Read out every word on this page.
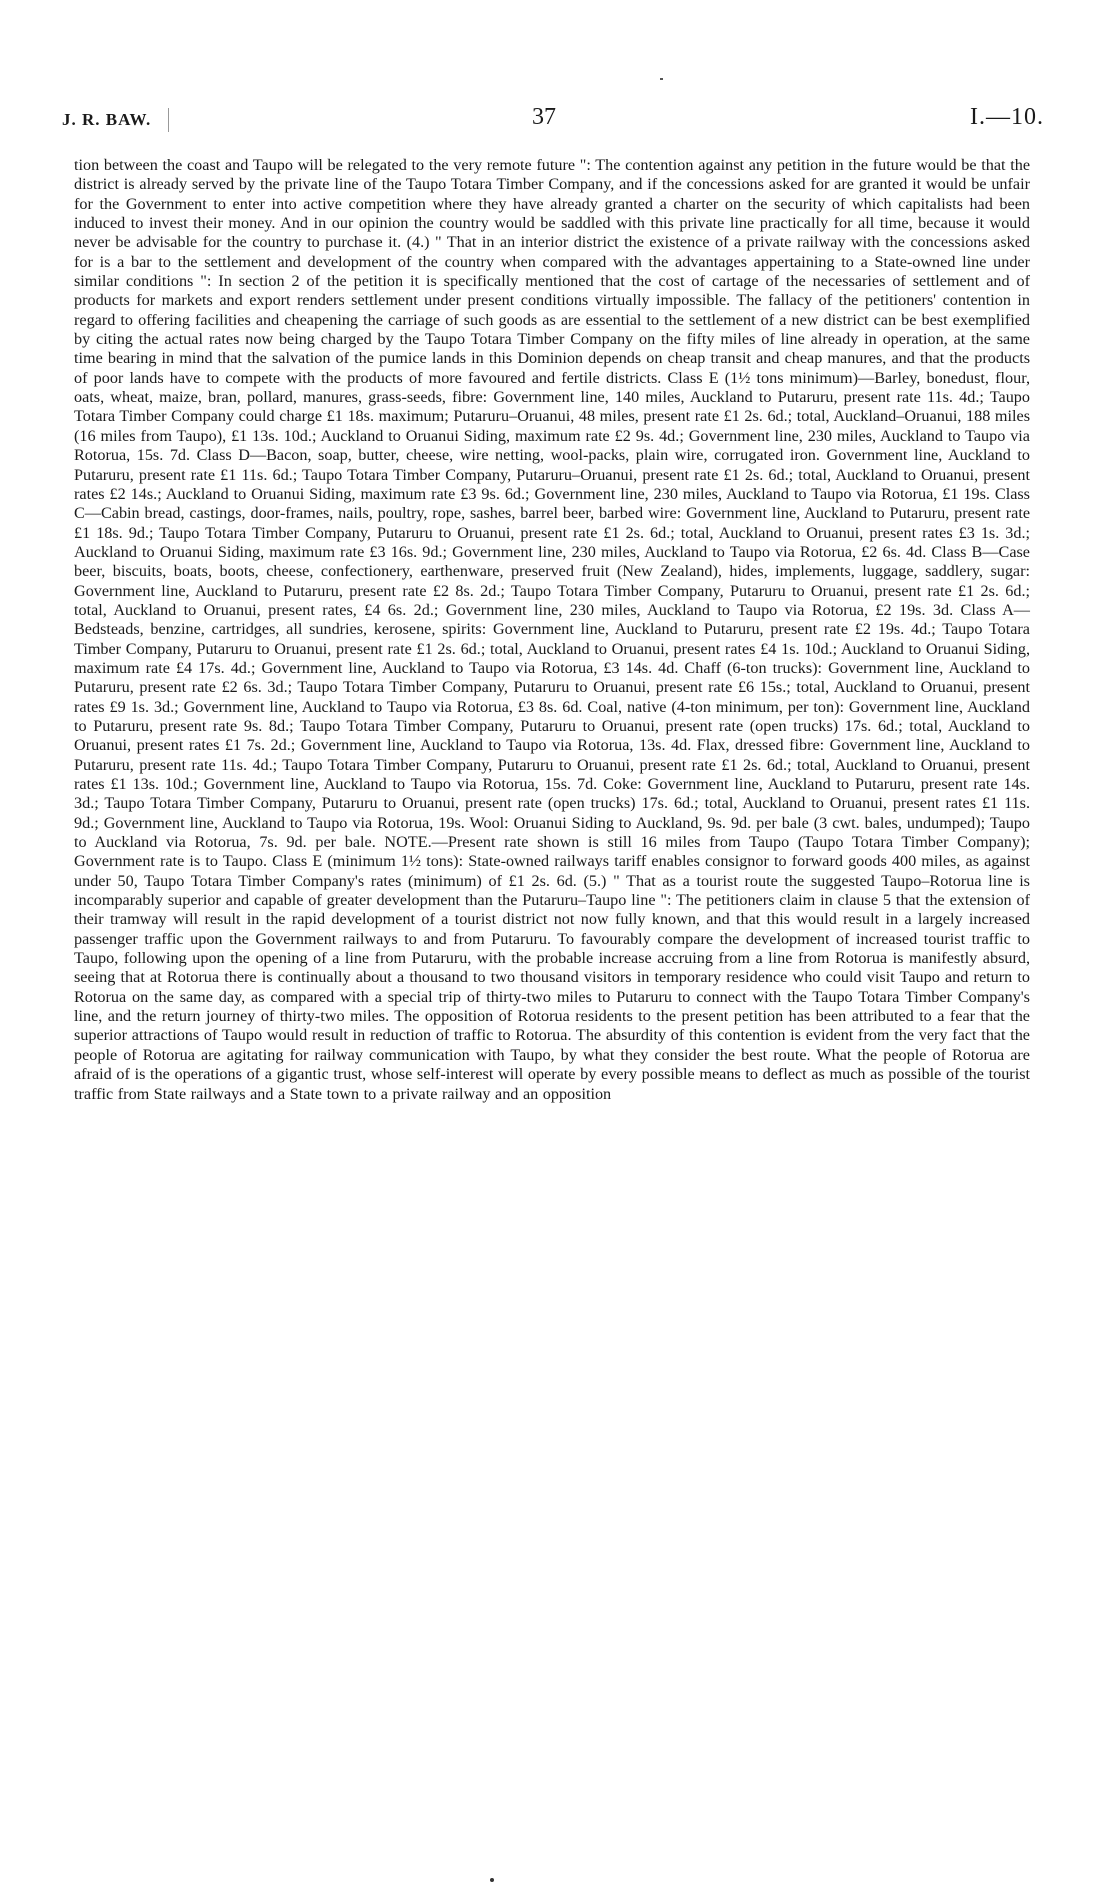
J. R. BAW.	37	I.—10.

tion between the coast and Taupo will be relegated to the very remote future ": The contention against any petition in the future would be that the district is already served by the private line of the Taupo Totara Timber Company, and if the concessions asked for are granted it would be unfair for the Government to enter into active competition where they have already granted a charter on the security of which capitalists had been induced to invest their money. And in our opinion the country would be saddled with this private line practically for all time, because it would never be advisable for the country to purchase it. (4.) " That in an interior district the existence of a private railway with the concessions asked for is a bar to the settlement and development of the country when compared with the advantages appertaining to a State-owned line under similar conditions ": In section 2 of the petition it is specifically mentioned that the cost of cartage of the necessaries of settlement and of products for markets and export renders settlement under present conditions virtually impossible. The fallacy of the petitioners' contention in regard to offering facilities and cheapening the carriage of such goods as are essential to the settlement of a new district can be best exemplified by citing the actual rates now being charged by the Taupo Totara Timber Company on the fifty miles of line already in operation, at the same time bearing in mind that the salvation of the pumice lands in this Dominion depends on cheap transit and cheap manures, and that the products of poor lands have to compete with the products of more favoured and fertile districts. Class E (1½ tons minimum)—Barley, bonedust, flour, oats, wheat, maize, bran, pollard, manures, grass-seeds, fibre: Government line, 140 miles, Auckland to Putaruru, present rate 11s. 4d.; Taupo Totara Timber Company could charge £1 18s. maximum; Putaruru–Oruanui, 48 miles, present rate £1 2s. 6d.; total, Auckland–Oruanui, 188 miles (16 miles from Taupo), £1 13s. 10d.; Auckland to Oruanui Siding, maximum rate £2 9s. 4d.; Government line, 230 miles, Auckland to Taupo via Rotorua, 15s. 7d. Class D—Bacon, soap, butter, cheese, wire netting, wool-packs, plain wire, corrugated iron. Government line, Auckland to Putaruru, present rate £1 11s. 6d.; Taupo Totara Timber Company, Putaruru–Oruanui, present rate £1 2s. 6d.; total, Auckland to Oruanui, present rates £2 14s.; Auckland to Oruanui Siding, maximum rate £3 9s. 6d.; Government line, 230 miles, Auckland to Taupo via Rotorua, £1 19s. Class C—Cabin bread, castings, door-frames, nails, poultry, rope, sashes, barrel beer, barbed wire: Government line, Auckland to Putaruru, present rate £1 18s. 9d.; Taupo Totara Timber Company, Putaruru to Oruanui, present rate £1 2s. 6d.; total, Auckland to Oruanui, present rates £3 1s. 3d.; Auckland to Oruanui Siding, maximum rate £3 16s. 9d.; Government line, 230 miles, Auckland to Taupo via Rotorua, £2 6s. 4d. Class B—Case beer, biscuits, boats, boots, cheese, confectionery, earthenware, preserved fruit (New Zealand), hides, implements, luggage, saddlery, sugar: Government line, Auckland to Putaruru, present rate £2 8s. 2d.; Taupo Totara Timber Company, Putaruru to Oruanui, present rate £1 2s. 6d.; total, Auckland to Oruanui, present rates, £4 6s. 2d.; Government line, 230 miles, Auckland to Taupo via Rotorua, £2 19s. 3d. Class A—Bedsteads, benzine, cartridges, all sundries, kerosene, spirits: Government line, Auckland to Putaruru, present rate £2 19s. 4d.; Taupo Totara Timber Company, Putaruru to Oruanui, present rate £1 2s. 6d.; total, Auckland to Oruanui, present rates £4 1s. 10d.; Auckland to Oruanui Siding, maximum rate £4 17s. 4d.; Government line, Auckland to Taupo via Rotorua, £3 14s. 4d. Chaff (6-ton trucks): Government line, Auckland to Putaruru, present rate £2 6s. 3d.; Taupo Totara Timber Company, Putaruru to Oruanui, present rate £6 15s.; total, Auckland to Oruanui, present rates £9 1s. 3d.; Government line, Auckland to Taupo via Rotorua, £3 8s. 6d. Coal, native (4-ton minimum, per ton): Government line, Auckland to Putaruru, present rate 9s. 8d.; Taupo Totara Timber Company, Putaruru to Oruanui, present rate (open trucks) 17s. 6d.; total, Auckland to Oruanui, present rates £1 7s. 2d.; Government line, Auckland to Taupo via Rotorua, 13s. 4d. Flax, dressed fibre: Government line, Auckland to Putaruru, present rate 11s. 4d.; Taupo Totara Timber Company, Putaruru to Oruanui, present rate £1 2s. 6d.; total, Auckland to Oruanui, present rates £1 13s. 10d.; Government line, Auckland to Taupo via Rotorua, 15s. 7d. Coke: Government line, Auckland to Putaruru, present rate 14s. 3d.; Taupo Totara Timber Company, Putaruru to Oruanui, present rate (open trucks) 17s. 6d.; total, Auckland to Oruanui, present rates £1 11s. 9d.; Government line, Auckland to Taupo via Rotorua, 19s. Wool: Oruanui Siding to Auckland, 9s. 9d. per bale (3 cwt. bales, undumped); Taupo to Auckland via Rotorua, 7s. 9d. per bale. NOTE.—Present rate shown is still 16 miles from Taupo (Taupo Totara Timber Company); Government rate is to Taupo. Class E (minimum 1½ tons): State-owned railways tariff enables consignor to forward goods 400 miles, as against under 50, Taupo Totara Timber Company's rates (minimum) of £1 2s. 6d. (5.) " That as a tourist route the suggested Taupo–Rotorua line is incomparably superior and capable of greater development than the Putaruru–Taupo line ": The petitioners claim in clause 5 that the extension of their tramway will result in the rapid development of a tourist district not now fully known, and that this would result in a largely increased passenger traffic upon the Government railways to and from Putaruru. To favourably compare the development of increased tourist traffic to Taupo, following upon the opening of a line from Putaruru, with the probable increase accruing from a line from Rotorua is manifestly absurd, seeing that at Rotorua there is continually about a thousand to two thousand visitors in temporary residence who could visit Taupo and return to Rotorua on the same day, as compared with a special trip of thirty-two miles to Putaruru to connect with the Taupo Totara Timber Company's line, and the return journey of thirty-two miles. The opposition of Rotorua residents to the present petition has been attributed to a fear that the superior attractions of Taupo would result in reduction of traffic to Rotorua. The absurdity of this contention is evident from the very fact that the people of Rotorua are agitating for railway communication with Taupo, by what they consider the best route. What the people of Rotorua are afraid of is the operations of a gigantic trust, whose self-interest will operate by every possible means to deflect as much as possible of the tourist traffic from State railways and a State town to a private railway and an opposition
